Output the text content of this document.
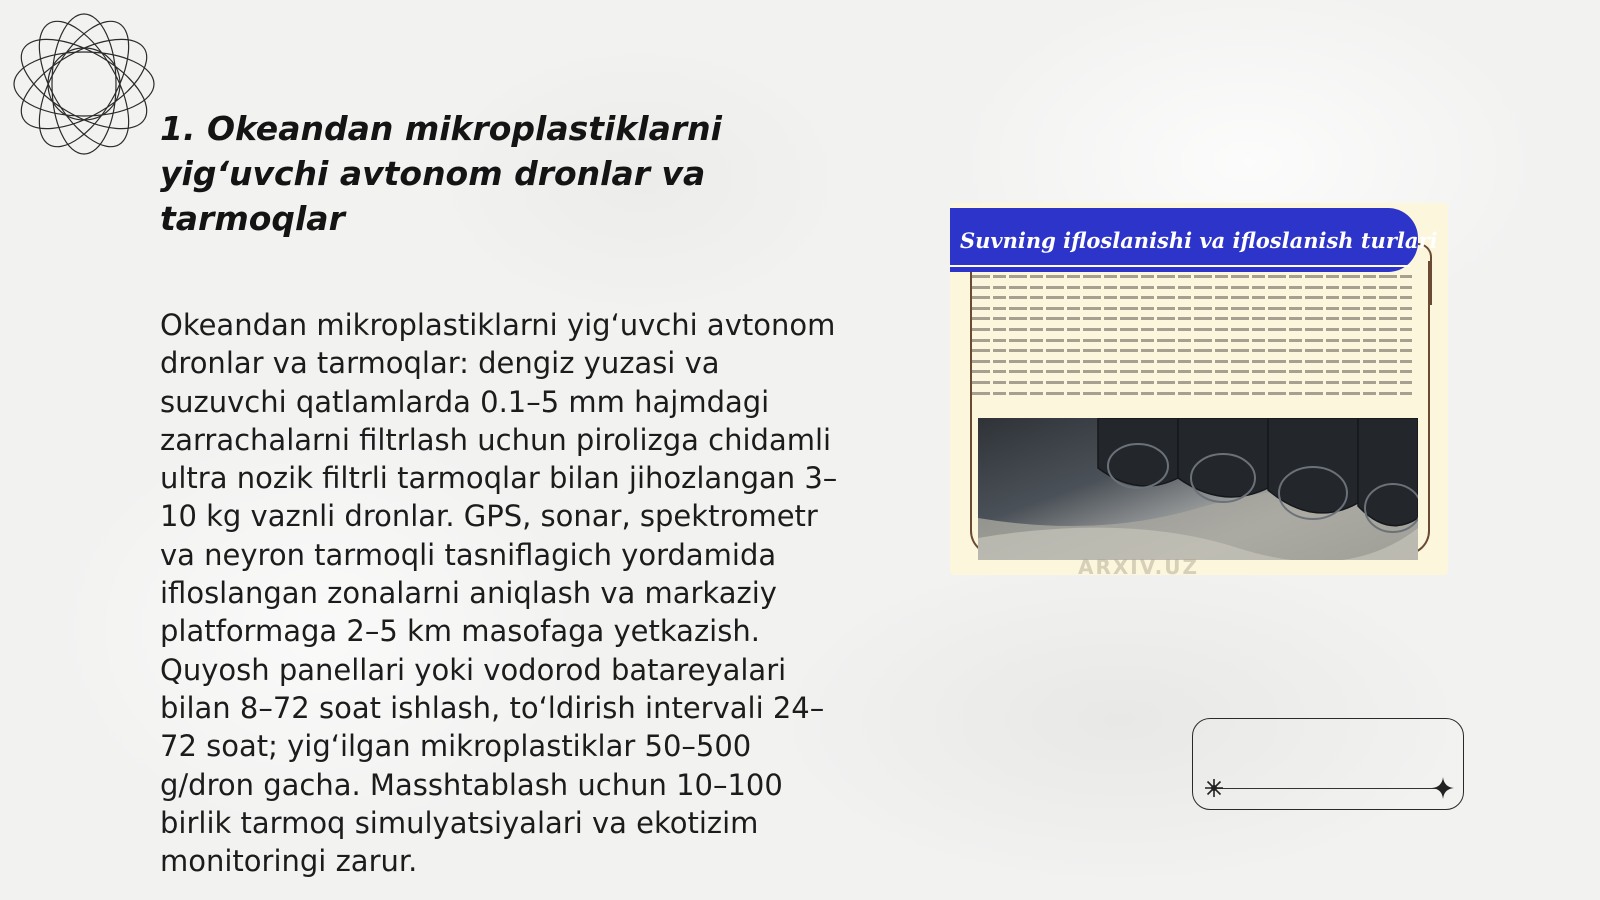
1. Okeandan mikroplastiklarni yig‘uvchi avtonom dronlar va tarmoqlar

Okeandan mikroplastiklarni yig‘uvchi avtonom dronlar va tarmoqlar: dengiz yuzasi va suzuvchi qatlamlarda 0.1–5 mm hajmdagi zarrachalarni filtrlash uchun pirolizga chidamli ultra nozik filtrli tarmoqlar bilan jihozlangan 3–10 kg vaznli dronlar. GPS, sonar, spektrometr va neyron tarmoqli tasniflagich yordamida ifloslangan zonalarni aniqlash va markaziy platformaga 2–5 km masofaga yetkazish. Quyosh panellari yoki vodorod batareyalari bilan 8–72 soat ishlash, to‘ldirish intervali 24–72 soat; yig‘ilgan mikroplastiklar 50–500 g/dron gacha. Masshtablash uchun 10–100 birlik tarmoq simulyatsiyalari va ekotizim monitoringi zarur.

Suvning ifloslanishi va ifloslanish turlari
ARXIV.UZ
